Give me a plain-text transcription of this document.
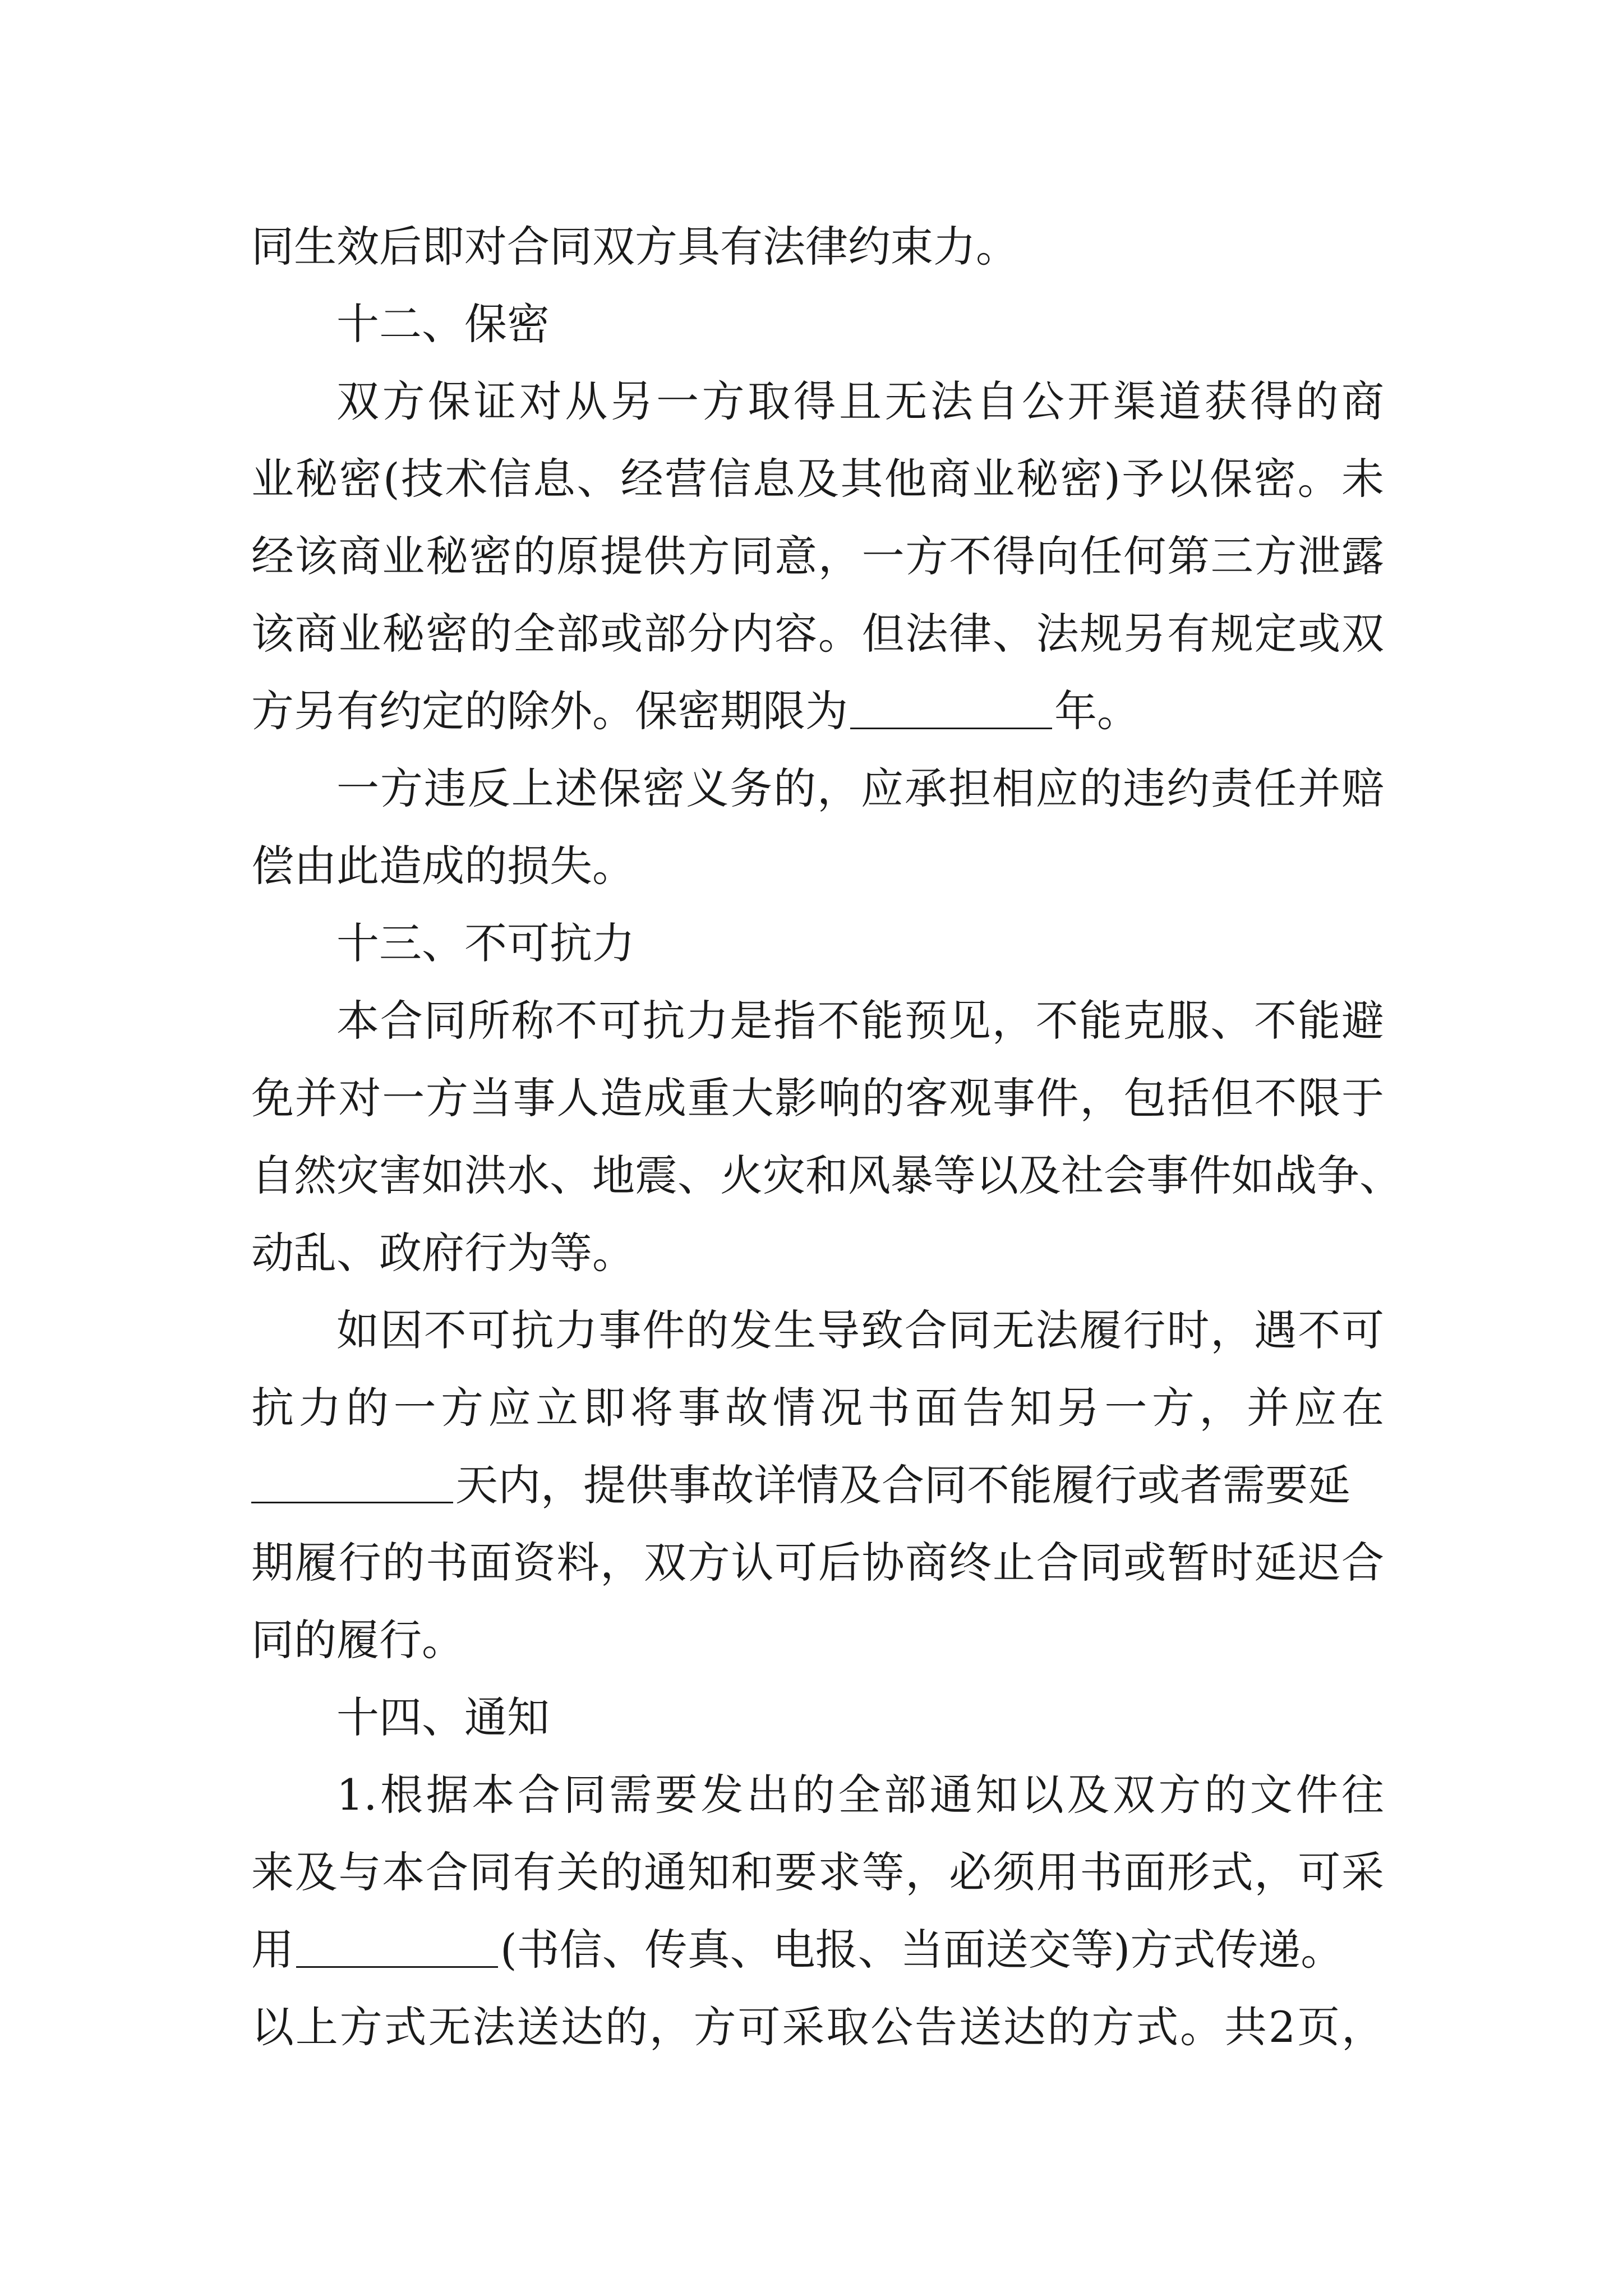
同生效后即对合同双方具有法律约束力。
十二、保密
双方保证对从另一方取得且无法自公开渠道获得的商
业秘密(技术信息、经营信息及其他商业秘密)予以保密。未
经该商业秘密的原提供方同意，一方不得向任何第三方泄露
该商业秘密的全部或部分内容。但法律、法规另有规定或双
方另有约定的除外。保密期限为	年。
一方违反上述保密义务的，应承担相应的违约责任并赔
偿由此造成的损失。
十三、不可抗力
本合同所称不可抗力是指不能预见，不能克服、不能避
免并对一方当事人造成重大影响的客观事件，包括但不限于
自然灾害如洪水、地震、火灾和风暴等以及社会事件如战争、
动乱、政府行为等。
如因不可抗力事件的发生导致合同无法履行时，遇不可
抗力的一方应立即将事故情况书面告知另一方，并应在
天内，提供事故详情及合同不能履行或者需要延
期履行的书面资料，双方认可后协商终止合同或暂时延迟合
同的履行。
十四、通知
1.根据本合同需要发出的全部通知以及双方的文件往
来及与本合同有关的通知和要求等，必须用书面形式，可采
用	(书信、传真、电报、当面送交等)方式传递。
以上方式无法送达的，方可采取公告送达的方式。共2页，
